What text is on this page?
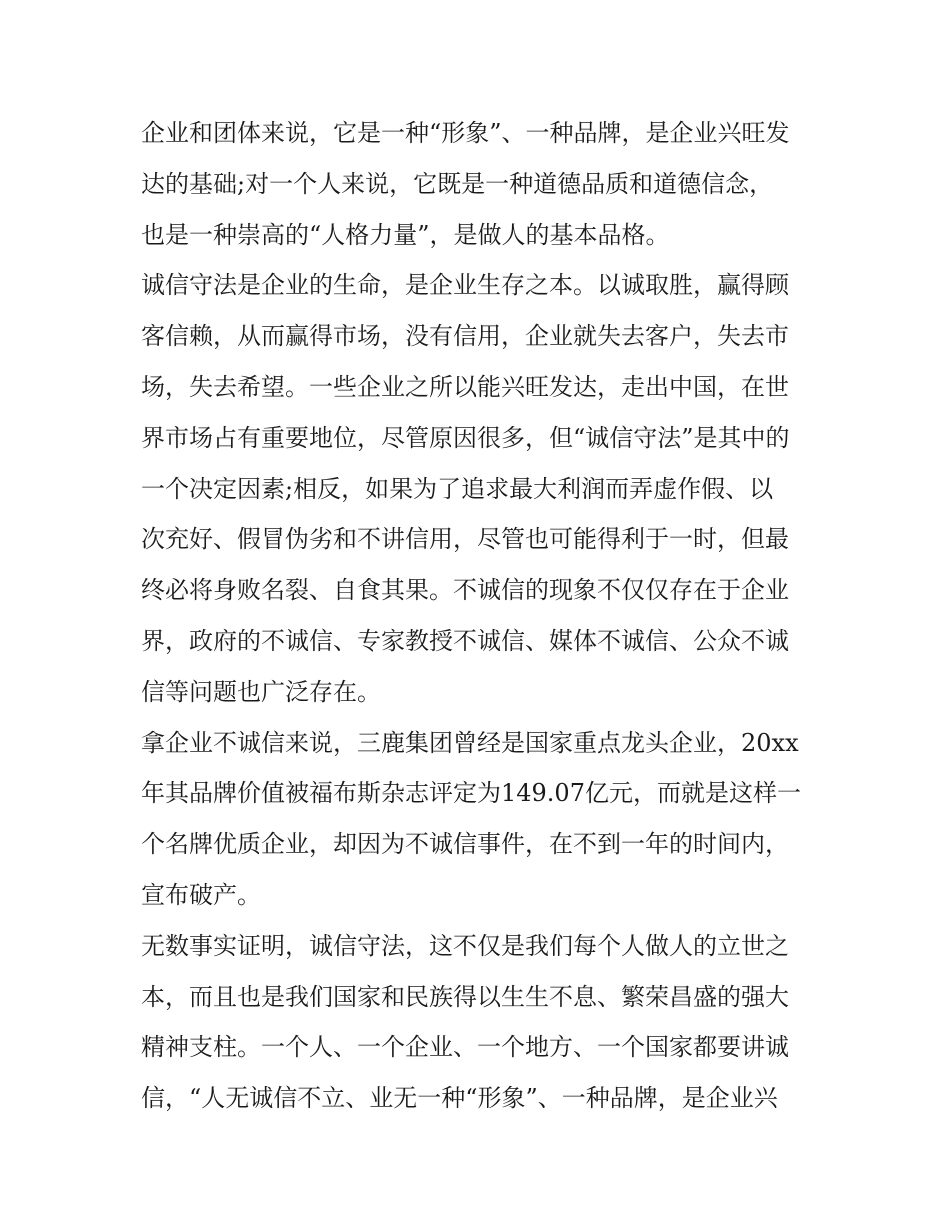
企业和团体来说，它是一种“形象”、一种品牌，是企业兴旺发
达的基础;对一个人来说，它既是一种道德品质和道德信念，
也是一种崇高的“人格力量”，是做人的基本品格。
诚信守法是企业的生命，是企业生存之本。以诚取胜，赢得顾
客信赖，从而赢得市场，没有信用，企业就失去客户，失去市
场，失去希望。一些企业之所以能兴旺发达，走出中国，在世
界市场占有重要地位，尽管原因很多，但“诚信守法”是其中的
一个决定因素;相反，如果为了追求最大利润而弄虚作假、以
次充好、假冒伪劣和不讲信用，尽管也可能得利于一时，但最
终必将身败名裂、自食其果。不诚信的现象不仅仅存在于企业
界，政府的不诚信、专家教授不诚信、媒体不诚信、公众不诚
信等问题也广泛存在。
拿企业不诚信来说，三鹿集团曾经是国家重点龙头企业，20xx
年其品牌价值被福布斯杂志评定为149.07亿元，而就是这样一
个名牌优质企业，却因为不诚信事件，在不到一年的时间内，
宣布破产。
无数事实证明，诚信守法，这不仅是我们每个人做人的立世之
本，而且也是我们国家和民族得以生生不息、繁荣昌盛的强大
精神支柱。一个人、一个企业、一个地方、一个国家都要讲诚
信，“人无诚信不立、业无一种“形象”、一种品牌，是企业兴
